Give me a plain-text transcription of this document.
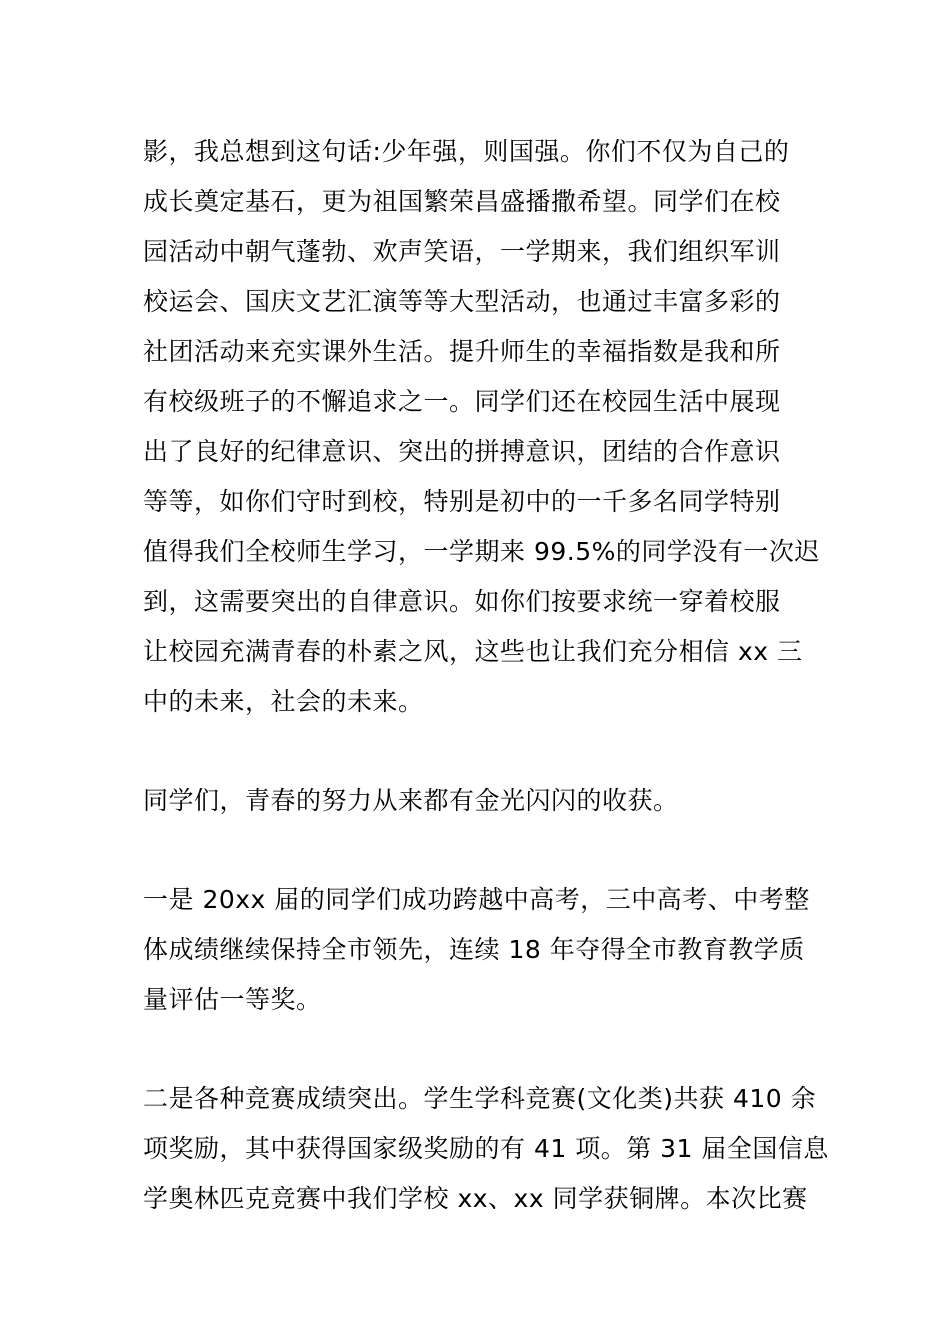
影，我总想到这句话:少年强，则国强。你们不仅为自己的
成长奠定基石，更为祖国繁荣昌盛播撒希望。同学们在校
园活动中朝气蓬勃、欢声笑语，一学期来，我们组织军训
校运会、国庆文艺汇演等等大型活动，也通过丰富多彩的
社团活动来充实课外生活。提升师生的幸福指数是我和所
有校级班子的不懈追求之一。同学们还在校园生活中展现
出了良好的纪律意识、突出的拼搏意识，团结的合作意识
等等，如你们守时到校，特别是初中的一千多名同学特别
值得我们全校师生学习，一学期来 99.5%的同学没有一次迟
到，这需要突出的自律意识。如你们按要求统一穿着校服
让校园充满青春的朴素之风，这些也让我们充分相信 xx 三
中的未来，社会的未来。
同学们，青春的努力从来都有金光闪闪的收获。
一是 20xx 届的同学们成功跨越中高考，三中高考、中考整
体成绩继续保持全市领先，连续 18 年夺得全市教育教学质
量评估一等奖。
二是各种竞赛成绩突出。学生学科竞赛(文化类)共获 410 余
项奖励，其中获得国家级奖励的有 41 项。第 31 届全国信息
学奥林匹克竞赛中我们学校 xx、xx 同学获铜牌。本次比赛
